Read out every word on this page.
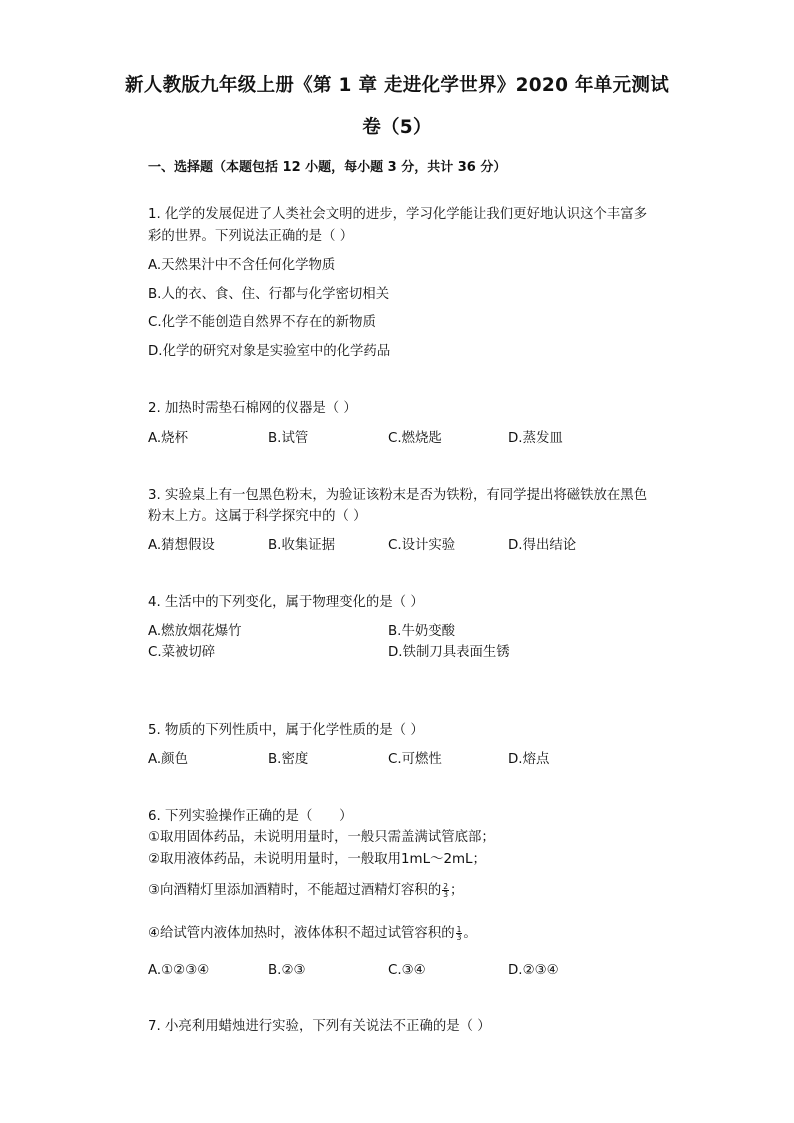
新人教版九年级上册《第 1 章 走进化学世界》2020 年单元测试
卷（5）
一、选择题（本题包括 12 小题，每小题 3 分，共计 36 分）
1. 化学的发展促进了人类社会文明的进步，学习化学能让我们更好地认识这个丰富多
彩的世界。下列说法正确的是（ ）
A.天然果汁中不含任何化学物质
B.人的衣、食、住、行都与化学密切相关
C.化学不能创造自然界不存在的新物质
D.化学的研究对象是实验室中的化学药品
2. 加热时需垫石棉网的仪器是（ ）
A.烧杯	B.试管	C.燃烧匙	D.蒸发皿
3. 实验桌上有一包黑色粉末，为验证该粉末是否为铁粉，有同学提出将磁铁放在黑色
粉末上方。这属于科学探究中的（ ）
A.猜想假设	B.收集证据	C.设计实验	D.得出结论
4. 生活中的下列变化，属于物理变化的是（ ）
A.燃放烟花爆竹	B.牛奶变酸
C.菜被切碎	D.铁制刀具表面生锈
5. 物质的下列性质中，属于化学性质的是（ ）
A.颜色	B.密度	C.可燃性	D.熔点
6. 下列实验操作正确的是（　　）
①取用固体药品，未说明用量时，一般只需盖满试管底部；
②取用液体药品，未说明用量时，一般取用1mL～2mL；
③向酒精灯里添加酒精时，不能超过酒精灯容积的 $\frac{2}{3}$ ；
④给试管内液体加热时，液体体积不超过试管容积的 $\frac{1}{3}$ 。
A.①②③④	B.②③	C.③④	D.②③④
7. 小亮利用蜡烛进行实验，下列有关说法不正确的是（ ）
